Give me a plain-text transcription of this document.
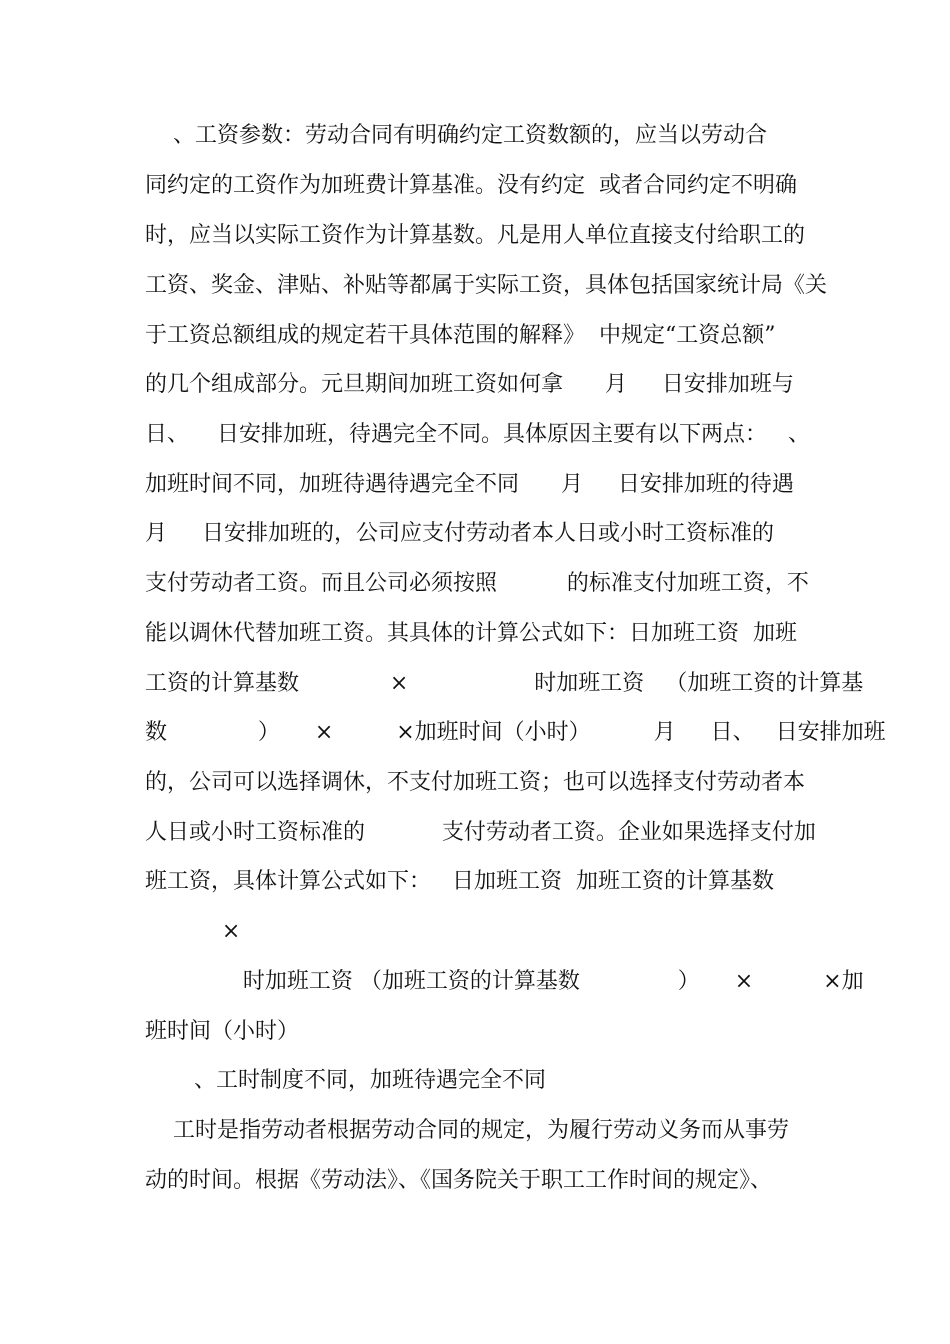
、工资参数：劳动合同有明确约定工资数额的，应当以劳动合

同约定的工资作为加班费计算基准。没有约定  或者合同约定不明确

时，应当以实际工资作为计算基数。凡是用人单位直接支付给职工的

工资、奖金、津贴、补贴等都属于实际工资，具体包括国家统计局《关

于工资总额组成的规定若干具体范围的解释》  中规定“工资总额”

的几个组成部分。元旦期间加班工资如何拿      月     日安排加班与

日、    日安排加班，待遇完全不同。具体原因主要有以下两点：   、

加班时间不同，加班待遇待遇完全不同      月     日安排加班的待遇

月     日安排加班的，公司应支付劳动者本人日或小时工资标准的

支付劳动者工资。而且公司必须按照          的标准支付加班工资，不

能以调休代替加班工资。其具体的计算公式如下：日加班工资  加班

工资的计算基数             ×                  时加班工资   （加班工资的计算基

数             ）     ×         ×加班时间（小时）         月     日、   日安排加班

的，公司可以选择调休，不支付加班工资；也可以选择支付劳动者本

人日或小时工资标准的           支付劳动者工资。企业如果选择支付加

班工资，具体计算公式如下：   日加班工资  加班工资的计算基数

×

时加班工资 （加班工资的计算基数              ）     ×          ×加

班时间（小时）

、工时制度不同，加班待遇完全不同

工时是指劳动者根据劳动合同的规定，为履行劳动义务而从事劳

动的时间。根据《劳动法》、《国务院关于职工工作时间的规定》、
